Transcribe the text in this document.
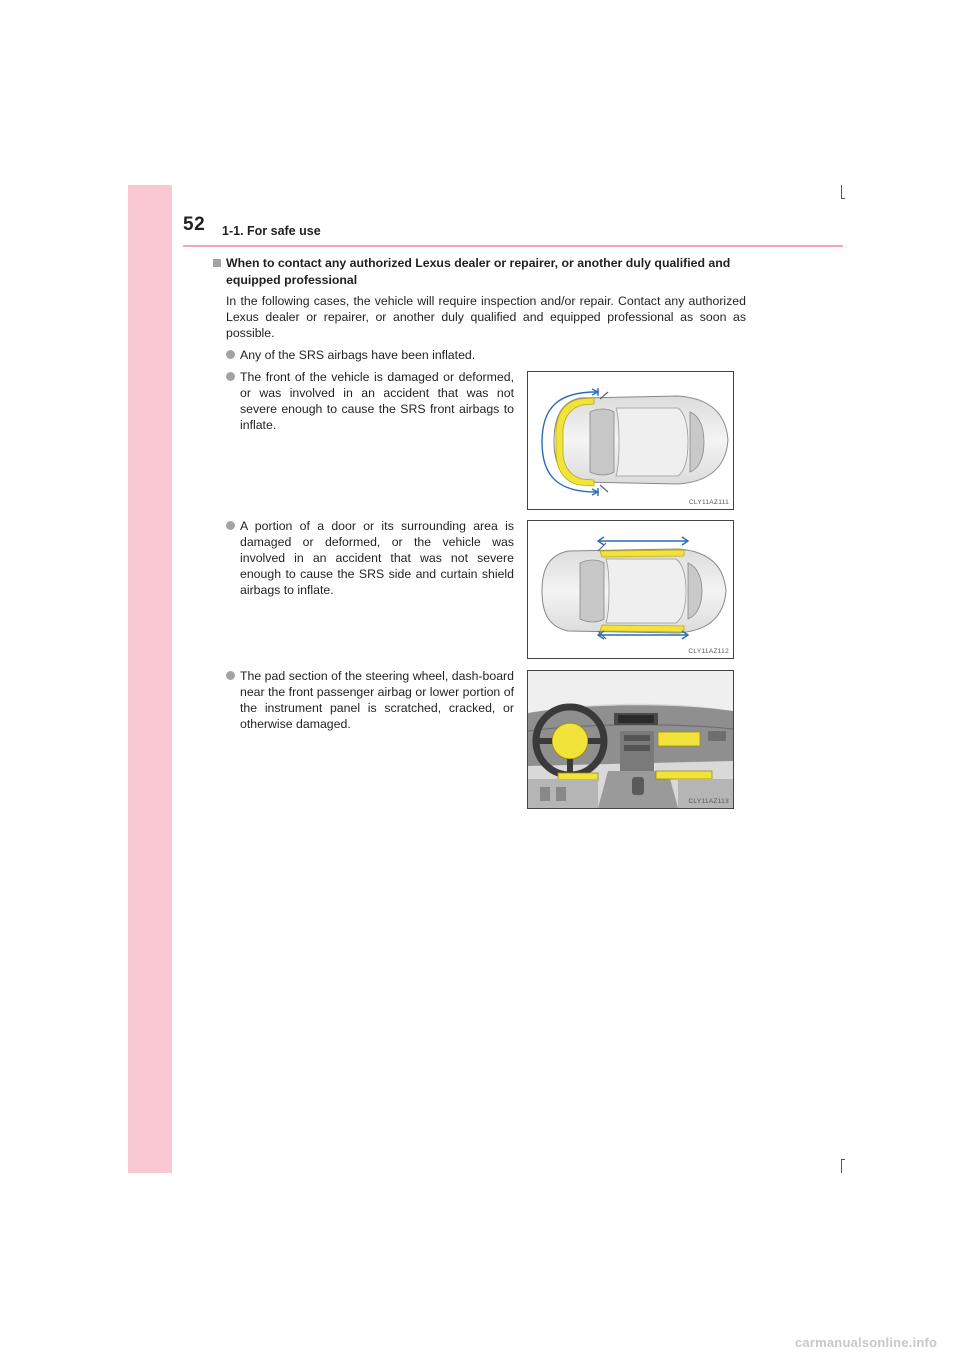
52 1-1. For safe use
When to contact any authorized Lexus dealer or repairer, or another duly qualified and equipped professional
In the following cases, the vehicle will require inspection and/or repair. Contact any authorized Lexus dealer or repairer, or another duly qualified and equipped professional as soon as possible.
Any of the SRS airbags have been inflated.
The front of the vehicle is damaged or deformed, or was involved in an accident that was not severe enough to cause the SRS front airbags to inflate.
A portion of a door or its surrounding area is damaged or deformed, or the vehicle was involved in an accident that was not severe enough to cause the SRS side and curtain shield airbags to inflate.
The pad section of the steering wheel, dash-board near the front passenger airbag or lower portion of the instrument panel is scratched, cracked, or otherwise damaged.
CLY11AZ111
CLY11AZ112
CLY11AZ113
carmanualsonline.info
